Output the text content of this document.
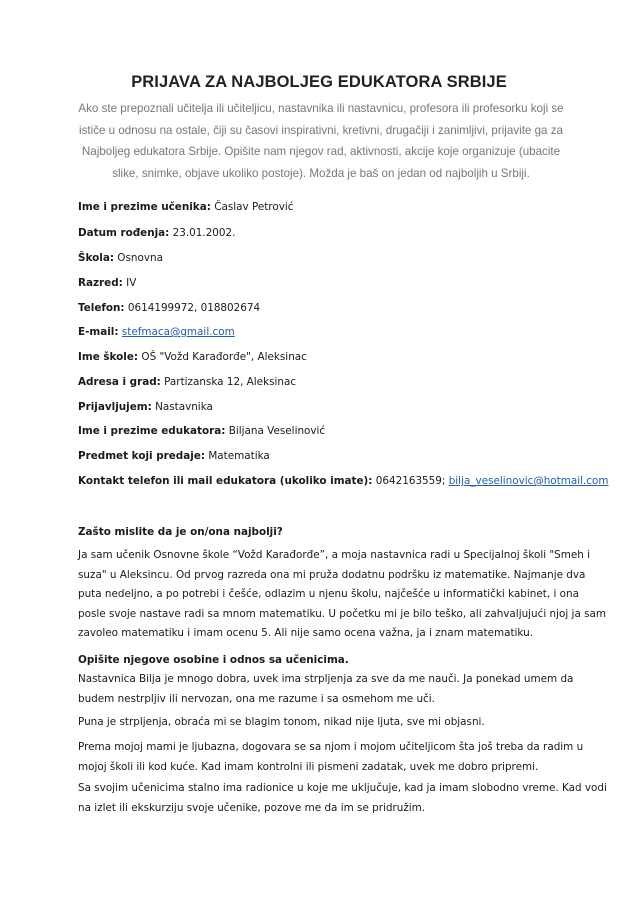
PRIJAVA ZA NAJBOLJEG EDUKATORA SRBIJE
Ako ste prepoznali učitelja ili učiteljicu, nastavnika ili nastavnicu, profesora ili profesorku koji se
ističe u odnosu na ostale, čiji su časovi inspirativni, kretivni, drugačiji i zanimljivi, prijavite ga za
Najboljeg edukatora Srbije. Opišite nam njegov rad, aktivnosti, akcije koje organizuje (ubacite
slike, snimke, objave ukoliko postoje). Možda je baš on jedan od najboljih u Srbiji.
Ime i prezime učenika: Časlav Petrović
Datum rođenja: 23.01.2002.
Škola: Osnovna
Razred: IV
Telefon: 0614199972, 018802674
E-mail: stefmaca@gmail.com
Ime škole: OŠ "Vožd Karađorđe", Aleksinac
Adresa i grad: Partizanska 12, Aleksinac
Prijavljujem: Nastavnika
Ime i prezime edukatora: Biljana Veselinović
Predmet koji predaje: Matematika
Kontakt telefon ili mail edukatora (ukoliko imate): 0642163559; bilja_veselinovic@hotmail.com
Zašto mislite da je on/ona najbolji?
Ja sam učenik Osnovne škole “Vožd Karađorđe”, a moja nastavnica radi u Specijalnoj školi "Smeh i
suza" u Aleksincu. Od prvog razreda ona mi pruža dodatnu podršku iz matematike. Najmanje dva
puta nedeljno, a po potrebi i češće, odlazim u njenu školu, najčešće u informatički kabinet, i ona
posle svoje nastave radi sa mnom matematiku. U početku mi je bilo teško, ali zahvaljujući njoj ja sam
zavoleo matematiku i imam ocenu 5. Ali nije samo ocena važna, ja i znam matematiku.
Opišite njegove osobine i odnos sa učenicima.
Nastavnica Bilja je mnogo dobra, uvek ima strpljenja za sve da me nauči. Ja ponekad umem da
budem nestrpljiv ili nervozan, ona me razume i sa osmehom me uči.
Puna je strpljenja, obraća mi se blagim tonom, nikad nije ljuta, sve mi objasni.
Prema mojoj mami je ljubazna, dogovara se sa njom i mojom učiteljicom šta još treba da radim u
mojoj školi ili kod kuće. Kad imam kontrolni ili pismeni zadatak, uvek me dobro pripremi.
Sa svojim učenicima stalno ima radionice u koje me uključuje, kad ja imam slobodno vreme. Kad vodi
na izlet ili ekskurziju svoje učenike, pozove me da im se pridružim.
